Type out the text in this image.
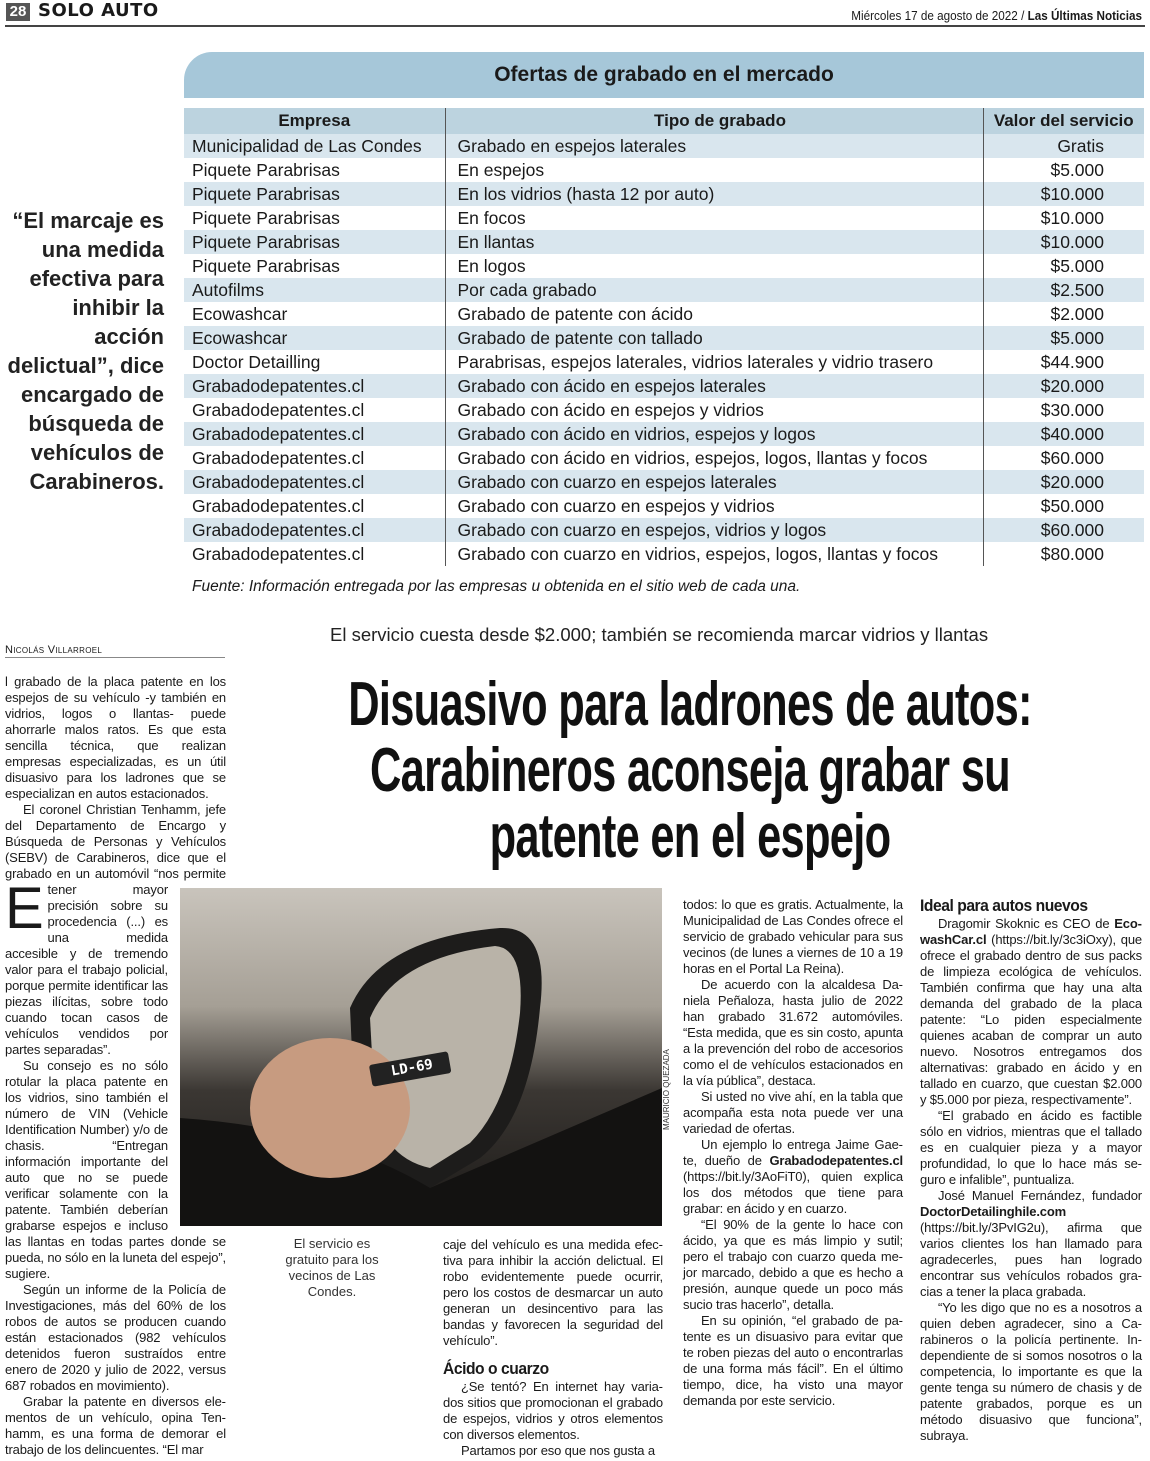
28 SOLO AUTO	Miércoles 17 de agosto de 2022 / Las Últimas Noticias
Ofertas de grabado en el mercado
Empresa	Tipo de grabado	Valor del servicio
Municipalidad de Las Condes	Grabado en espejos laterales	Gratis
Piquete Parabrisas	En espejos	$5.000
Piquete Parabrisas	En los vidrios (hasta 12 por auto)	$10.000
Piquete Parabrisas	En focos	$10.000
Piquete Parabrisas	En llantas	$10.000
Piquete Parabrisas	En logos	$5.000
Autofilms	Por cada grabado	$2.500
Ecowashcar	Grabado de patente con ácido	$2.000
Ecowashcar	Grabado de patente con tallado	$5.000
Doctor Detailling	Parabrisas, espejos laterales, vidrios laterales y vidrio trasero	$44.900
Grabadodepatentes.cl	Grabado con ácido en espejos laterales	$20.000
Grabadodepatentes.cl	Grabado con ácido en espejos y vidrios	$30.000
Grabadodepatentes.cl	Grabado con ácido en vidrios, espejos y logos	$40.000
Grabadodepatentes.cl	Grabado con ácido en vidrios, espejos, logos, llantas y focos	$60.000
Grabadodepatentes.cl	Grabado con cuarzo en espejos laterales	$20.000
Grabadodepatentes.cl	Grabado con cuarzo en espejos y vidrios	$50.000
Grabadodepatentes.cl	Grabado con cuarzo en espejos, vidrios y logos	$60.000
Grabadodepatentes.cl	Grabado con cuarzo en vidrios, espejos, logos, llantas y focos	$80.000
Fuente: Información entregada por las empresas u obtenida en el sitio web de cada una.
“El marcaje es una medida efectiva para inhibir la acción delictual”, dice encargado de búsqueda de vehículos de Carabineros.
Nicolás Villarroel
El servicio cuesta desde $2.000; también se recomienda marcar vidrios y llantas

E
l grabado de la placa patente en los espejos de su vehículo -y también en vidrios, logos o llantas- puede ahorrarle malos ratos. Es que esta sencilla técnica, que realizan empresas especializadas, es un útil disuasivo para los ladrones que se especializan en autos estacionados.

El coronel Christian Tenhamm, jefe del Departamento de Encargo y Búsqueda de Personas y Vehículos (SEBV) de Carabineros, dice que el grabado en un automóvil “nos permite tener mayor precisión sobre su procedencia (...) es una medida accesible y de tremendo valor para el trabajo policial, porque permite identificar las piezas ilícitas, sobre todo cuando tocan casos de vehículos vendidos por partes separadas”.

Su consejo es no sólo rotular la placa patente en los vidrios, sino también el número de VIN (Vehicle Identification Number) y/o de chasis. “Entregan información importante del auto que no se puede verificar solamente con la patente. También deberían grabarse espejos e incluso las llantas en todas partes donde se pueda, no sólo en la luneta del espejo”, sugiere.

Según un informe de la Policía de Investigaciones, más del 60% de los robos de autos se producen cuando están estacionados (982 vehículos detenidos fueron sustraídos entre enero de 2020 y julio de 2022, versus 687 robados en movimiento).

Grabar la patente en diversos elementos de un vehículo, opina Tenhamm, es una forma de demorar el trabajo de los delincuentes. “El mar

LD-69	MAURICIO QUEZADA
El servicio es gratuito para los vecinos de Las Condes.
Disuasivo para ladrones de autos: Carabineros aconseja grabar su patente en el espejo

caje del vehículo es una medida efectiva para inhibir la acción delictual. El robo evidentemente puede ocurrir, pero los costos de desmarcar un auto generan un desincentivo para las bandas y favorecen la seguridad del vehículo”.

Ácido o cuarzo

¿Se tentó? En internet hay variados sitios que promocionan el grabado de espejos, vidrios y otros elementos con diversos elementos.

Partamos por eso que nos gusta a

todos: lo que es gratis. Actualmente, la Municipalidad de Las Condes ofrece el servicio de grabado vehicular para sus vecinos (de lunes a viernes de 10 a 19 horas en el Portal La Reina).

De acuerdo con la alcaldesa Daniela Peñaloza, hasta julio de 2022 han grabado 31.672 automóviles. “Esta medida, que es sin costo, apunta a la prevención del robo de accesorios como el de vehículos estacionados en la vía pública”, destaca.

Si usted no vive ahí, en la tabla que acompaña esta nota puede ver una variedad de ofertas.

Un ejemplo lo entrega Jaime Gaete, dueño de Grabadodepatentes.cl (https://bit.ly/3AoFiT0), quien explica los dos métodos que tiene para grabar: en ácido y en cuarzo.

“El 90% de la gente lo hace con ácido, ya que es más limpio y sutil; pero el trabajo con cuarzo queda mejor marcado, debido a que es hecho a presión, aunque quede un poco más sucio tras hacerlo”, detalla.

En su opinión, “el grabado de patente es un disuasivo para evitar que te roben piezas del auto o encontrarlas de una forma más fácil”. En el último tiempo, dice, ha visto una mayor demanda por este servicio.

Ideal para autos nuevos

Dragomir Skoknic es CEO de EcowashCar.cl (https://bit.ly/3c3iOxy), que ofrece el grabado dentro de sus packs de limpieza ecológica de vehículos. También confirma que hay una alta demanda del grabado de la placa patente: “Lo piden especialmente quienes acaban de comprar un auto nuevo. Nosotros entregamos dos alternativas: grabado en ácido y en tallado en cuarzo, que cuestan $2.000 y $5.000 por pieza, respectivamente”.

“El grabado en ácido es factible sólo en vidrios, mientras que el tallado es en cualquier pieza y a mayor profundidad, lo que lo hace más seguro e infalible”, puntualiza.

José Manuel Fernández, fundador DoctorDetailinghile.com (https://bit.ly/3PvIG2u), afirma que varios clientes los han llamado para agradecerles, pues han logrado encontrar sus vehículos robados gracias a tener la placa grabada.

“Yo les digo que no es a nosotros a quien deben agradecer, sino a Carabineros o la policía pertinente. Independiente de si somos nosotros o la competencia, lo importante es que la gente tenga su número de chasis y de patente grabados, porque es un método disuasivo que funciona”, subraya.
